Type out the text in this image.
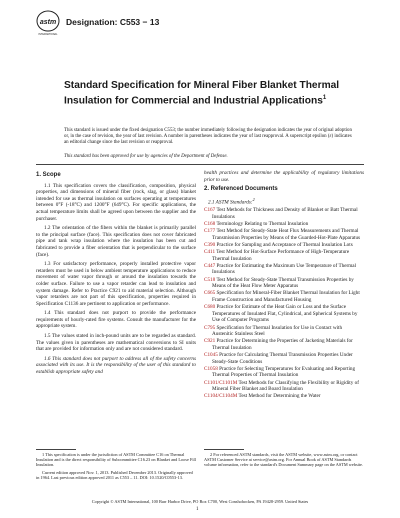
astm
INTERNATIONAL
Designation: C553 − 13
Standard Specification for Mineral Fiber Blanket Thermal Insulation for Commercial and Industrial Applications$^1$
This standard is issued under the fixed designation C553; the number immediately following the designation indicates the year of original adoption or, in the case of revision, the year of last revision. A number in parentheses indicates the year of last reapproval. A superscript epsilon (ε) indicates an editorial change since the last revision or reapproval.
This standard has been approved for use by agencies of the Department of Defense.
1. Scope

1.1 This specification covers the classification, composition, physical properties, and dimensions of mineral fiber (rock, slag, or glass) blanket intended for use as thermal insulation on surfaces operating at temperatures between 0°F (-18°C) and 1200°F (649°C). For specific applications, the actual temperature limits shall be agreed upon between the supplier and the purchaser.

1.2 The orientation of the fibers within the blanket is primarily parallel to the principal surface (face). This specification does not cover fabricated pipe and tank wrap insulation where the insulation has been cut and fabricated to provide a fiber orientation that is perpendicular to the surface (face).

1.3 For satisfactory performance, properly installed protective vapor retarders must be used in below ambient temperature applications to reduce movement of water vapor through or around the insulation towards the colder surface. Failure to use a vapor retarder can lead to insulation and system damage. Refer to Practice C921 to aid material selection. Although vapor retarders are not part of this specification, properties required in Specification C1136 are pertinent to application or performance.

1.4 This standard does not purport to provide the performance requirements of hourly-rated fire systems. Consult the manufacturer for the appropriate system.

1.5 The values stated in inch-pound units are to be regarded as standard. The values given in parentheses are mathematical conversions to SI units that are provided for information only and are not considered standard.

1.6 This standard does not purport to address all of the safety concerns associated with its use. It is the responsibility of the user of this standard to establish appropriate safety and

health practices and determine the applicability of regulatory limitations prior to use.

2. Referenced Documents
2.1 ASTM Standards:$^2$

C167 Test Methods for Thickness and Density of Blanket or Batt Thermal Insulations

C168 Terminology Relating to Thermal Insulation

C177 Test Method for Steady-State Heat Flux Measurements and Thermal Transmission Properties by Means of the Guarded-Hot-Plate Apparatus

C390 Practice for Sampling and Acceptance of Thermal Insulation Lots

C411 Test Method for Hot-Surface Performance of High-Temperature Thermal Insulation

C447 Practice for Estimating the Maximum Use Temperature of Thermal Insulations

C518 Test Method for Steady-State Thermal Transmission Properties by Means of the Heat Flow Meter Apparatus

C665 Specification for Mineral-Fiber Blanket Thermal Insulation for Light Frame Construction and Manufactured Housing

C680 Practice for Estimate of the Heat Gain or Loss and the Surface Temperatures of Insulated Flat, Cylindrical, and Spherical Systems by Use of Computer Programs

C795 Specification for Thermal Insulation for Use in Contact with Austenitic Stainless Steel

C921 Practice for Determining the Properties of Jacketing Materials for Thermal Insulation

C1045 Practice for Calculating Thermal Transmission Properties Under Steady-State Conditions

C1058 Practice for Selecting Temperatures for Evaluating and Reporting Thermal Properties of Thermal Insulation

C1101/C1101M Test Methods for Classifying the Flexibility or Rigidity of Mineral Fiber Blanket and Board Insulation

C1104/C1104M Test Method for Determining the Water

1 This specification is under the jurisdiction of ASTM Committee C16 on Thermal Insulation and is the direct responsibility of Subcommittee C16.23 on Blanket and Loose Fill Insulation.

Current edition approved Nov. 1, 2013. Published December 2013. Originally approved in 1964. Last previous edition approved 2011 as C553 – 11. DOI: 10.1520/C0553-13.

2 For referenced ASTM standards, visit the ASTM website, www.astm.org, or contact ASTM Customer Service at service@astm.org. For Annual Book of ASTM Standards volume information, refer to the standard's Document Summary page on the ASTM website.

Copyright © ASTM International, 100 Barr Harbor Drive, PO Box C700, West Conshohocken, PA 19428-2959. United States
1
